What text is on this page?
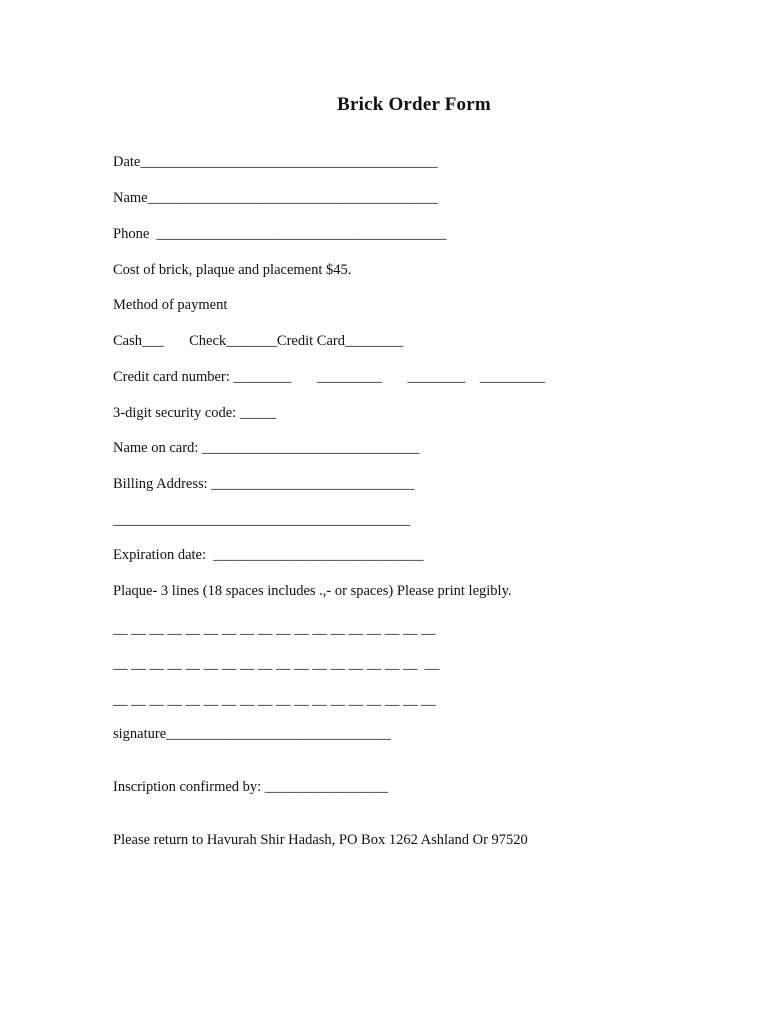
Brick Order Form
Date_________________________________________
Name________________________________________
Phone  ________________________________________
Cost of brick, plaque and placement $45.
Method of payment
Cash___       Check_______Credit Card________
Credit card number: ________       _________       ________    _________
3-digit security code: _____
Name on card: ______________________________
Billing Address: ____________________________
_________________________________________
Expiration date:  _____________________________
Plaque- 3 lines (18 spaces includes .,- or spaces) Please print legibly.
__ __ __ __ __ __ __ __ __ __ __ __ __ __ __ __ __ __
__ __ __ __ __ __ __ __ __ __ __ __ __ __ __ __ __  __
__ __ __ __ __ __ __ __ __ __ __ __ __ __ __ __ __ __
signature_______________________________
Inscription confirmed by: _________________
Please return to Havurah Shir Hadash, PO Box 1262 Ashland Or 97520
